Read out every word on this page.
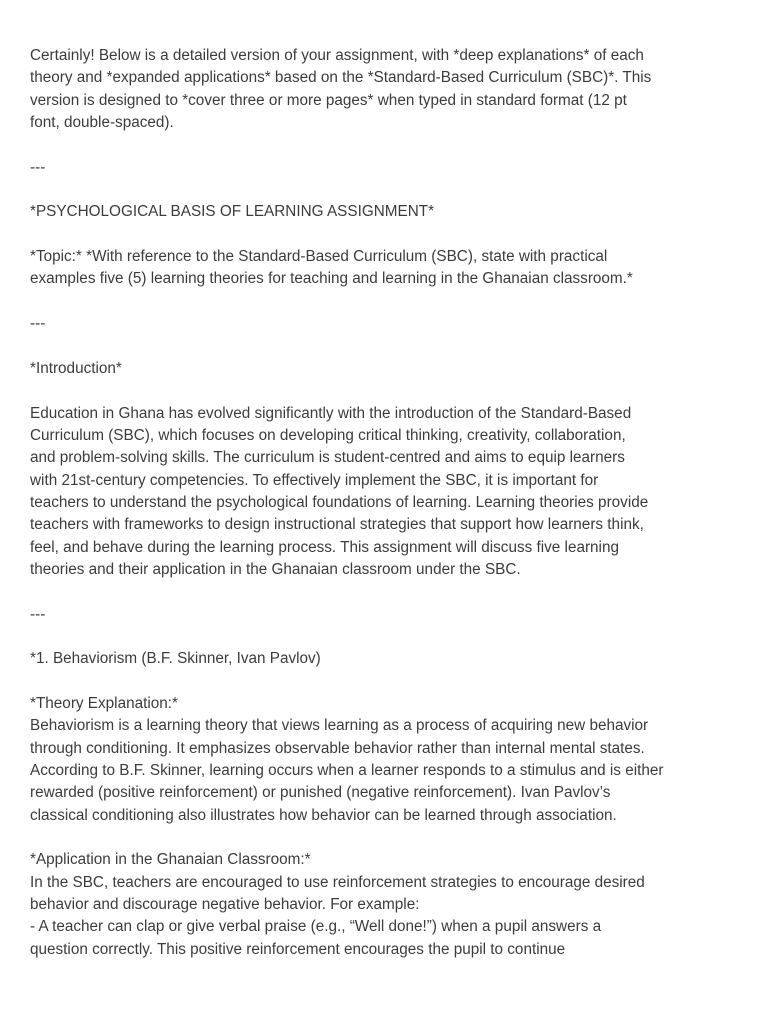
Certainly! Below is a detailed version of your assignment, with *deep explanations* of each
theory and *expanded applications* based on the *Standard-Based Curriculum (SBC)*. This
version is designed to *cover three or more pages* when typed in standard format (12 pt
font, double-spaced).
---
*PSYCHOLOGICAL BASIS OF LEARNING ASSIGNMENT*
*Topic:* *With reference to the Standard-Based Curriculum (SBC), state with practical
examples five (5) learning theories for teaching and learning in the Ghanaian classroom.*
---
*Introduction*
Education in Ghana has evolved significantly with the introduction of the Standard-Based
Curriculum (SBC), which focuses on developing critical thinking, creativity, collaboration,
and problem-solving skills. The curriculum is student-centred and aims to equip learners
with 21st-century competencies. To effectively implement the SBC, it is important for
teachers to understand the psychological foundations of learning. Learning theories provide
teachers with frameworks to design instructional strategies that support how learners think,
feel, and behave during the learning process. This assignment will discuss five learning
theories and their application in the Ghanaian classroom under the SBC.
---
*1. Behaviorism (B.F. Skinner, Ivan Pavlov)
*Theory Explanation:*
Behaviorism is a learning theory that views learning as a process of acquiring new behavior
through conditioning. It emphasizes observable behavior rather than internal mental states.
According to B.F. Skinner, learning occurs when a learner responds to a stimulus and is either
rewarded (positive reinforcement) or punished (negative reinforcement). Ivan Pavlov’s
classical conditioning also illustrates how behavior can be learned through association.
*Application in the Ghanaian Classroom:*
In the SBC, teachers are encouraged to use reinforcement strategies to encourage desired
behavior and discourage negative behavior. For example:
- A teacher can clap or give verbal praise (e.g., “Well done!”) when a pupil answers a
question correctly. This positive reinforcement encourages the pupil to continue
